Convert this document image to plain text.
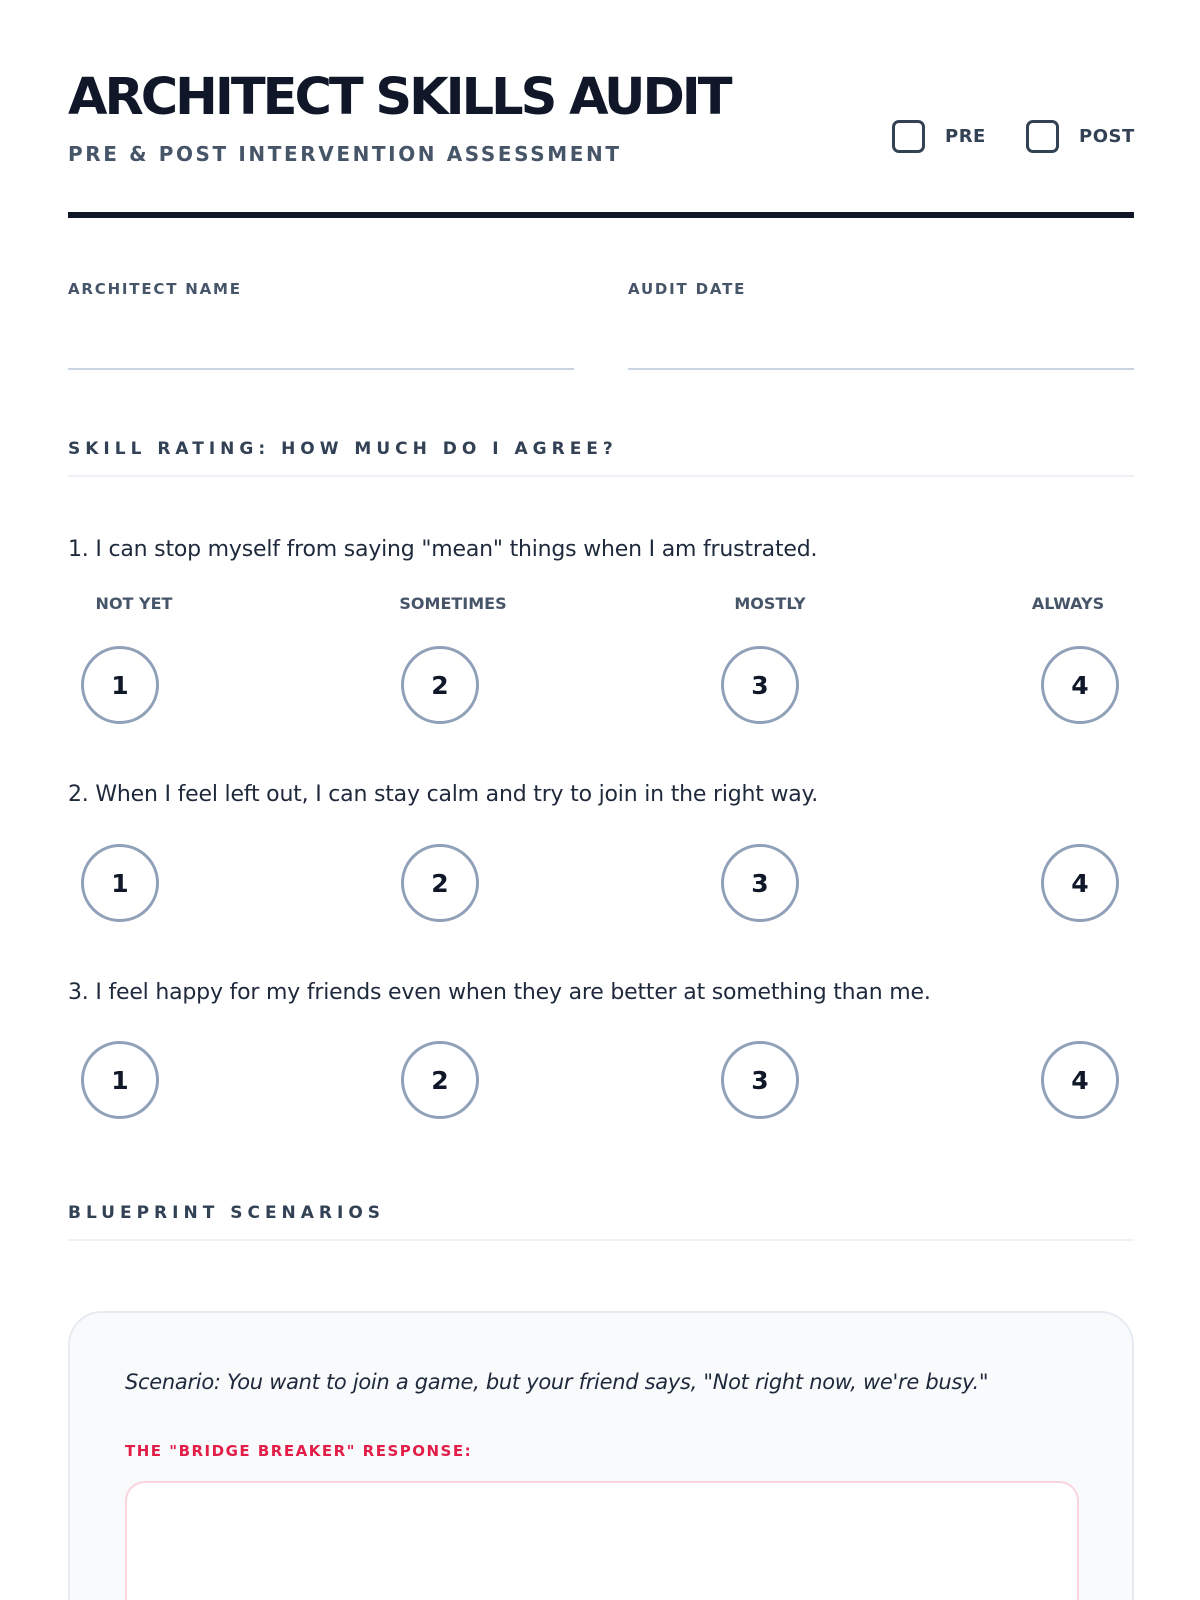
ARCHITECT SKILLS AUDIT
PRE & POST INTERVENTION ASSESSMENT
PRE	POST
ARCHITECT NAME	AUDIT DATE
SKILL RATING: HOW MUCH DO I AGREE?
1. I can stop myself from saying "mean" things when I am frustrated.
NOT YET	SOMETIMES	MOSTLY	ALWAYS
1	2	3	4
2. When I feel left out, I can stay calm and try to join in the right way.
1	2	3	4
3. I feel happy for my friends even when they are better at something than me.
1	2	3	4
BLUEPRINT SCENARIOS
Scenario: You want to join a game, but your friend says, "Not right now, we're busy."
THE "BRIDGE BREAKER" RESPONSE:
